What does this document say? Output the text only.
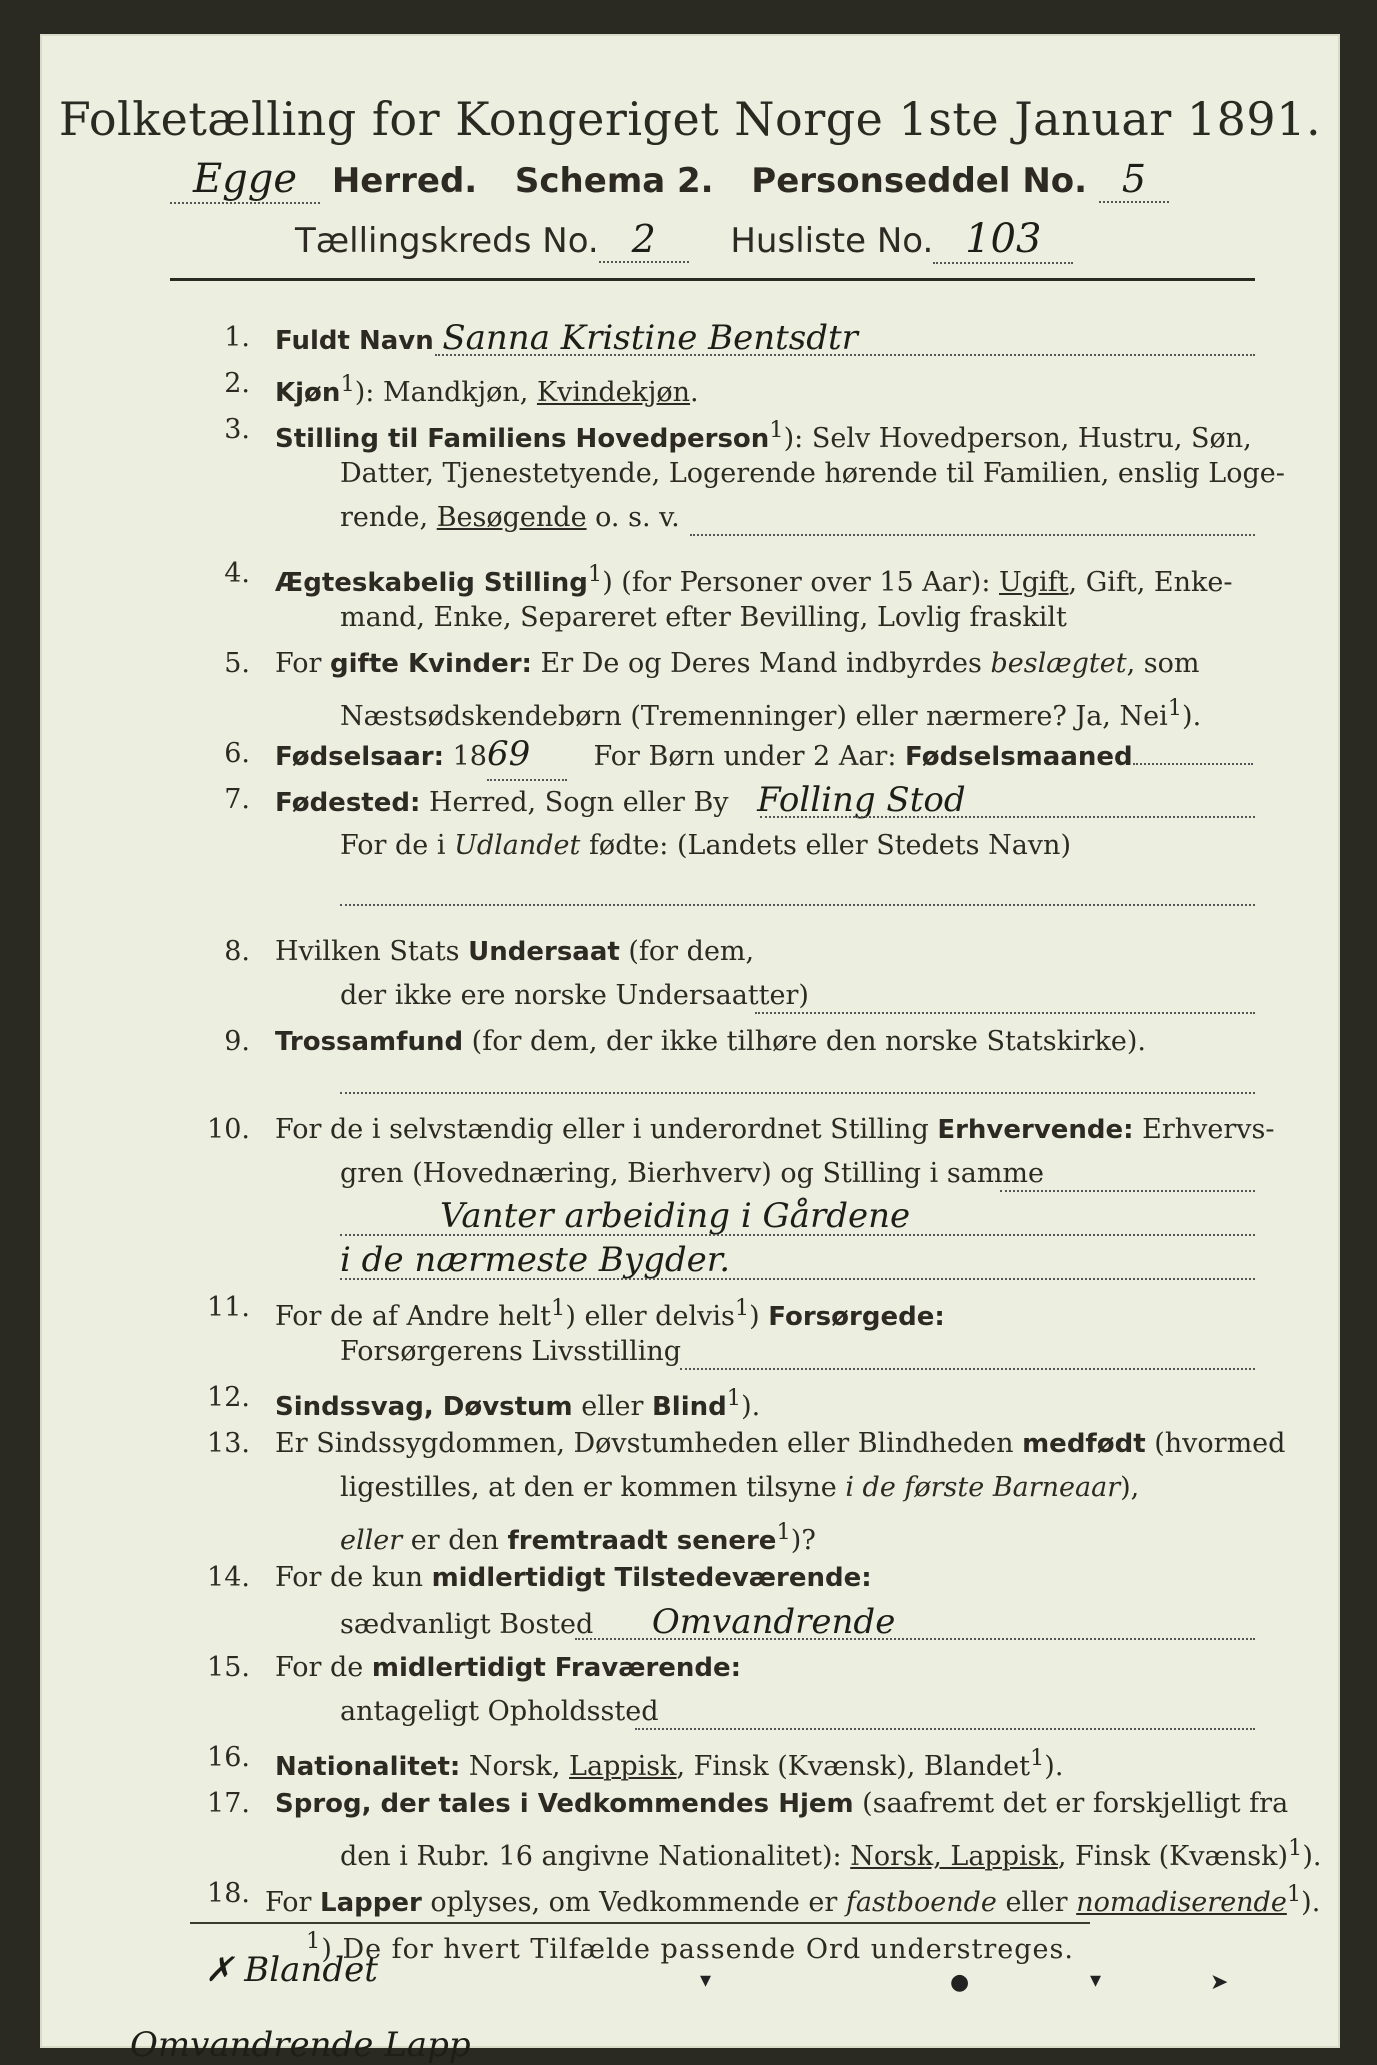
Folketælling for Kongeriget Norge 1ste Januar 1891.
Egge Herred. Schema 2. Personseddel No. 5
Tællingskreds No. 2 Husliste No. 103
1. Fuldt Navn Sanna Kristine Bentsdtr
2. Kjøn$^1$): Mandkjøn, Kvindekjøn.
3. Stilling til Familiens Hovedperson$^1$): Selv Hovedperson, Hustru, Søn,
Datter, Tjenestetyende, Logerende hørende til Familien, enslig Loge-
rende, Besøgende o. s. v.
4. Ægteskabelig Stilling$^1$) (for Personer over 15 Aar): Ugift, Gift, Enke-
mand, Enke, Separeret efter Bevilling, Lovlig fraskilt
5. For gifte Kvinder: Er De og Deres Mand indbyrdes beslægtet, som
Næstsødskendebørn (Tremenninger) eller nærmere? Ja, Nei$^1$).
6. Fødselsaar: 1869 For Børn under 2 Aar: Fødselsmaaned
7. Fødested: Herred, Sogn eller By Folling Stod
For de i Udlandet fødte: (Landets eller Stedets Navn)
8. Hvilken Stats Undersaat (for dem,
der ikke ere norske Undersaatter)
9. Trossamfund (for dem, der ikke tilhøre den norske Statskirke).
10. For de i selvstændig eller i underordnet Stilling Erhvervende: Erhvervs-
gren (Hovednæring, Bierhverv) og Stilling i samme
Vanter arbeiding i Gårdene
i de nærmeste Bygder.
11. For de af Andre helt$^1$) eller delvis$^1$) Forsørgede:
Forsørgerens Livsstilling
12. Sindssvag, Døvstum eller Blind$^1$).
13. Er Sindssygdommen, Døvstumheden eller Blindheden medfødt (hvormed
ligestilles, at den er kommen tilsyne i de første Barneaar),
eller er den fremtraadt senere$^1$)?
14. For de kun midlertidigt Tilstedeværende:
sædvanligt Bosted Omvandrende
15. For de midlertidigt Fraværende:
antageligt Opholdssted
16. Nationalitet: Norsk, Lappisk, Finsk (Kvænsk), Blandet$^1$).
17. Sprog, der tales i Vedkommendes Hjem (saafremt det er forskjelligt fra
den i Rubr. 16 angivne Nationalitet): Norsk, Lappisk, Finsk (Kvænsk)$^1$).
18. For Lapper oplyses, om Vedkommende er fastboende eller nomadiserende$^1$).
$^1$) De for hvert Tilfælde passende Ord understreges.
✗ Blandet	▾	●	▾	➤
Omvandrende Lapp
